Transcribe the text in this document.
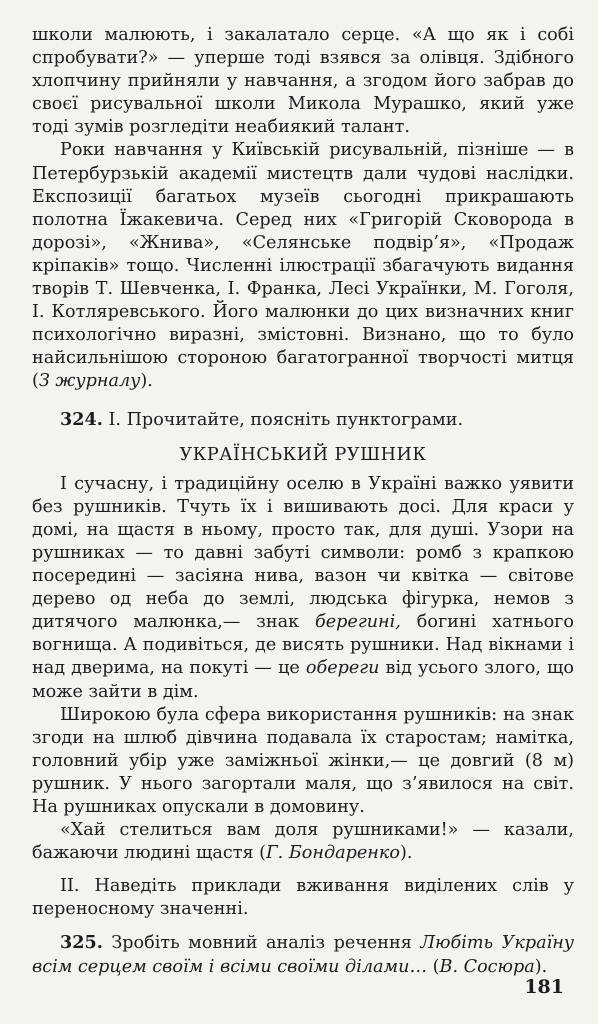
школи малюють, і закалатало серце. «А що як і собі спробувати?» — уперше тоді взявся за олівця. Здібного хлопчину прийняли у навчання, а згодом його забрав до своєї рисувальної школи Микола Мурашко, який уже тоді зумів розгледіти неабиякий талант.

Роки навчання у Київській рисувальній, пізніше — в Петербурзькій академії мистецтв дали чудові наслідки. Експозиції багатьох музеїв сьогодні прикрашають полотна Їжакевича. Серед них «Григорій Сковорода в дорозі», «Жнива», «Селянське подвір’я», «Продаж кріпаків» тощо. Численні ілюстрації збагачують видання творів Т. Шевченка, І. Франка, Лесі Українки, М. Гоголя, І. Котляревського. Його малюнки до цих визначних книг психологічно виразні, змістовні. Визнано, що то було найсильнішою стороною багатогранної творчості митця (З журналу).

324. І. Прочитайте, поясніть пунктограми.

УКРАЇНСЬКИЙ РУШНИК

І сучасну, і традиційну оселю в Україні важко уявити без рушників. Тчуть їх і вишивають досі. Для краси у домі, на щастя в ньому, просто так, для душі. Узори на рушниках — то давні забуті символи: ромб з крапкою посередині — засіяна нива, вазон чи квітка — світове дерево од неба до землі, людська фігурка, немов з дитячого малюнка,— знак берегині, богині хатнього вогнища. А подивіться, де висять рушники. Над вікнами і над дверима, на покуті — це обереги від усього злого, що може зайти в дім.

Широкою була сфера використання рушників: на знак згоди на шлюб дівчина подавала їх старостам; намітка, головний убір уже заміжньої жінки,— це довгий (8 м) рушник. У нього загортали маля, що з’явилося на світ. На рушниках опускали в домовину.

«Хай стелиться вам доля рушниками!» — казали, бажаючи людині щастя (Г. Бондаренко).

ІІ. Наведіть приклади вживання виділених слів у переносному значенні.

325. Зробіть мовний аналіз речення Любіть Україну всім серцем своїм і всіми своїми ділами… (В. Сосюра).

181
